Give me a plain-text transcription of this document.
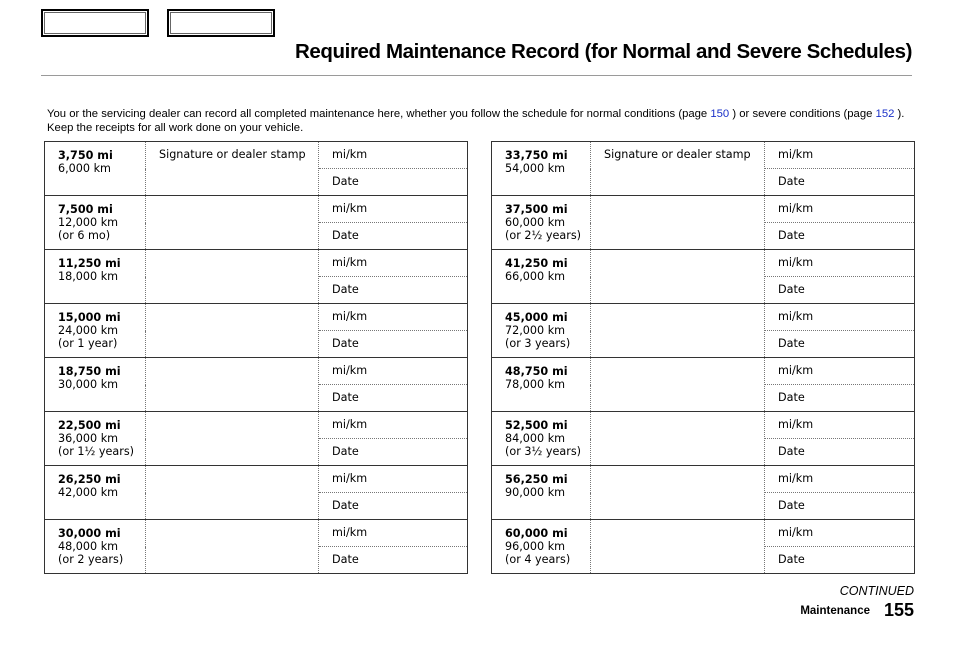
Required Maintenance Record (for Normal and Severe Schedules)

You or the servicing dealer can record all completed maintenance here, whether you follow the schedule for normal conditions (page 150 ) or severe conditions (page 152 ). Keep the receipts for all work done on your vehicle.

3,750 mi
6,000 km	Signature or dealer stamp	mi/km
		Date

7,500 mi
12,000 km
(or 6 mo)		mi/km
		Date

11,250 mi
18,000 km		mi/km
		Date

15,000 mi
24,000 km
(or 1 year)		mi/km
		Date

18,750 mi
30,000 km		mi/km
		Date

22,500 mi
36,000 km
(or 1½ years)		mi/km
		Date

26,250 mi
42,000 km		mi/km
		Date

30,000 mi
48,000 km
(or 2 years)		mi/km
		Date
33,750 mi
54,000 km	Signature or dealer stamp	mi/km
		Date

37,500 mi
60,000 km
(or 2½ years)		mi/km
		Date

41,250 mi
66,000 km		mi/km
		Date

45,000 mi
72,000 km
(or 3 years)		mi/km
		Date

48,750 mi
78,000 km		mi/km
		Date

52,500 mi
84,000 km
(or 3½ years)		mi/km
		Date

56,250 mi
90,000 km		mi/km
		Date

60,000 mi
96,000 km
(or 4 years)		mi/km
		Date
CONTINUED
Maintenance 155
